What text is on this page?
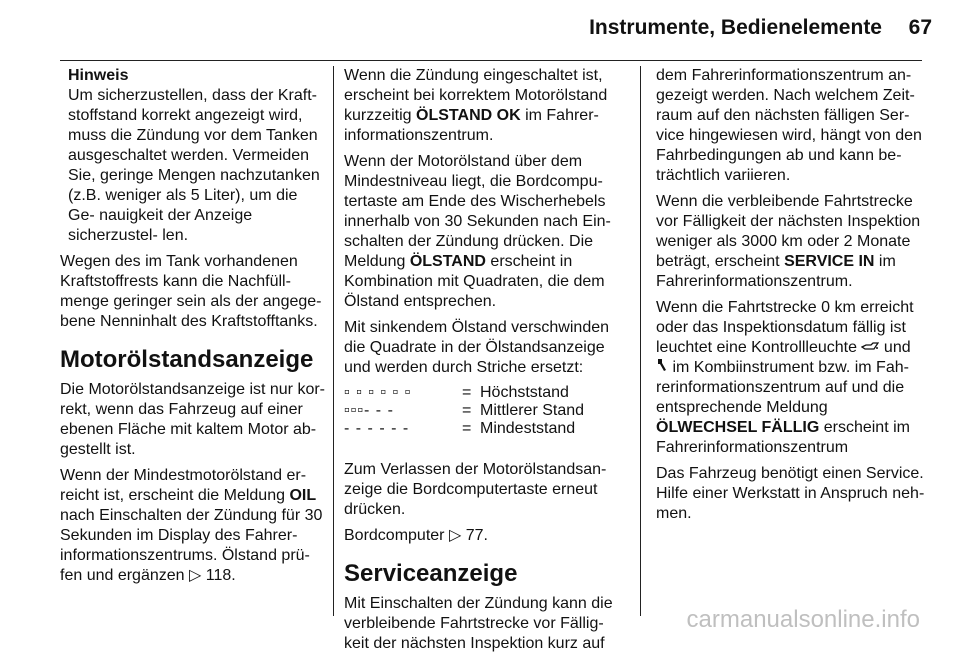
Instrumente, Bedienelemente 67
Hinweis
Um sicherzustellen, dass der Kraft- stoffstand korrekt angezeigt wird, muss die Zündung vor dem Tanken ausgeschaltet werden. Vermeiden Sie, geringe Mengen nachzutanken (z.B. weniger als 5 Liter), um die Ge- nauigkeit der Anzeige sicherzustel- len.

Wegen des im Tank vorhandenen Kraftstoffrests kann die Nachfüll- menge geringer sein als der angege- bene Nenninhalt des Kraftstofftanks.

Motorölstandsanzeige

Die Motorölstandsanzeige ist nur kor- rekt, wenn das Fahrzeug auf einer ebenen Fläche mit kaltem Motor ab- gestellt ist.

Wenn der Mindestmotorölstand er- reicht ist, erscheint die Meldung OIL nach Einschalten der Zündung für 30 Sekunden im Display des Fahrer- informationszentrums. Ölstand prü- fen und ergänzen ▷ 118.

Wenn die Zündung eingeschaltet ist, erscheint bei korrektem Motorölstand kurzzeitig ÖLSTAND OK im Fahrer- informationszentrum.

Wenn der Motorölstand über dem Mindestniveau liegt, die Bordcompu- tertaste am Ende des Wischerhebels innerhalb von 30 Sekunden nach Ein- schalten der Zündung drücken. Die Meldung ÖLSTAND erscheint in Kombination mit Quadraten, die dem Ölstand entsprechen.

Mit sinkendem Ölstand verschwinden die Quadrate in der Ölstandsanzeige und werden durch Striche ersetzt:

▫ ▫ ▫ ▫ ▫ ▫	=	Höchststand
▫▫▫- - -	=	Mittlerer Stand
- - - - - -	=	Mindeststand

Zum Verlassen der Motorölstandsan- zeige die Bordcomputertaste erneut drücken.

Bordcomputer ▷ 77.

Serviceanzeige

Mit Einschalten der Zündung kann die verbleibende Fahrtstrecke vor Fällig- keit der nächsten Inspektion kurz auf

dem Fahrerinformationszentrum an- gezeigt werden. Nach welchem Zeit- raum auf den nächsten fälligen Ser- vice hingewiesen wird, hängt von den Fahrbedingungen ab und kann be- trächtlich variieren.

Wenn die verbleibende Fahrtstrecke vor Fälligkeit der nächsten Inspektion weniger als 3000 km oder 2 Monate beträgt, erscheint SERVICE IN im Fahrerinformationszentrum.

Wenn die Fahrtstrecke 0 km erreicht oder das Inspektionsdatum fällig ist leuchtet eine Kontrollleuchte  und  im Kombiinstrument bzw. im Fah- rerinformationszentrum auf und die entsprechende Meldung
ÖLWECHSEL FÄLLIG erscheint im Fahrerinformationszentrum

Das Fahrzeug benötigt einen Service. Hilfe einer Werkstatt in Anspruch neh- men.

carmanualsonline.info
